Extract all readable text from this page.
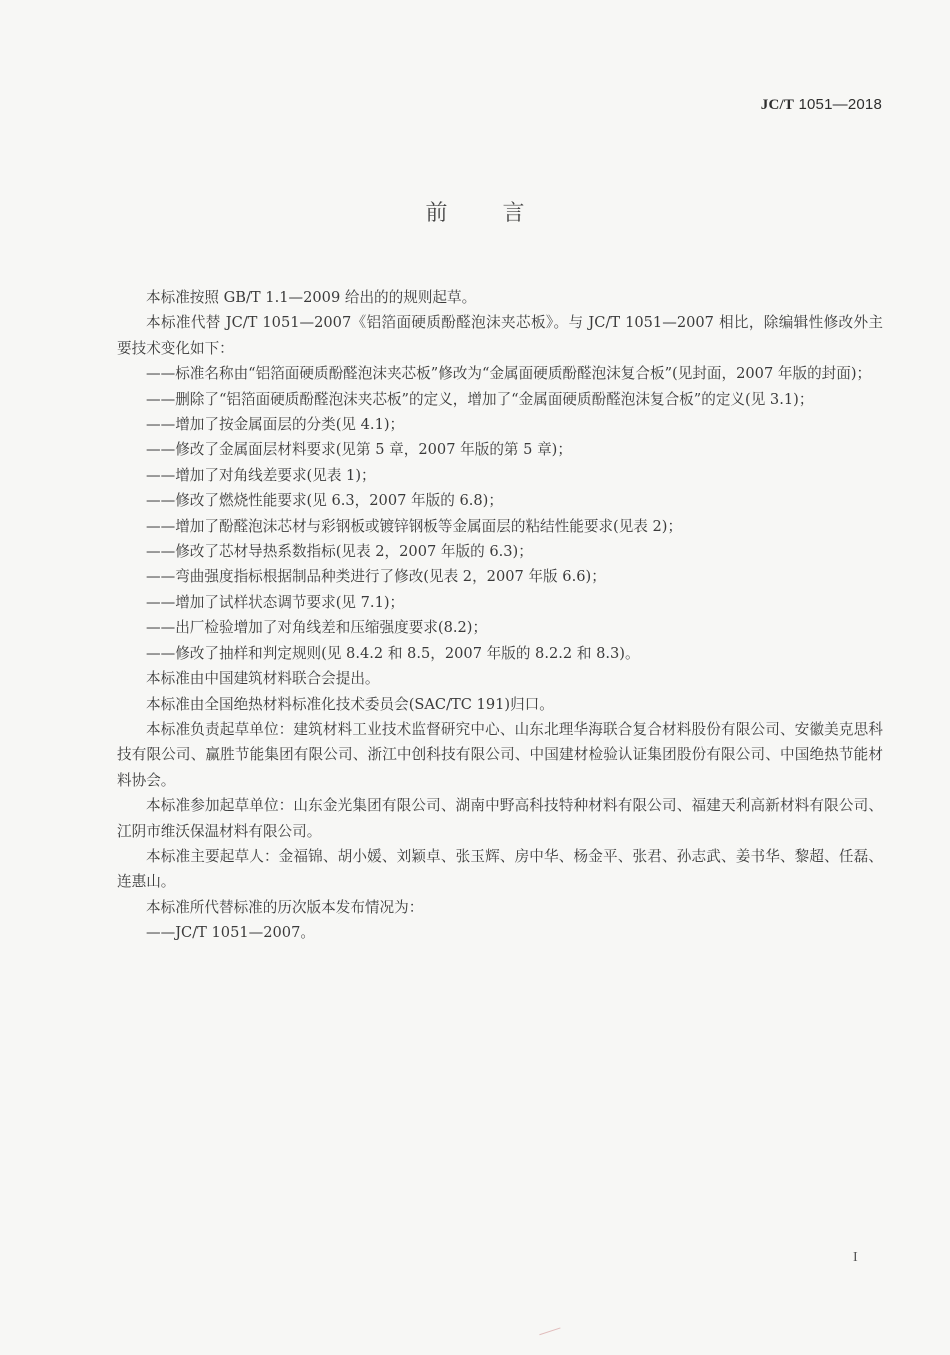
JC/T 1051—2018
前	言

本标准按照 GB/T 1.1—2009 给出的的规则起草。

本标准代替 JC/T 1051—2007《铝箔面硬质酚醛泡沫夹芯板》。与 JC/T 1051—2007 相比，除编辑性修改外主要技术变化如下：

——标准名称由“铝箔面硬质酚醛泡沫夹芯板”修改为“金属面硬质酚醛泡沫复合板”(见封面，2007 年版的封面)；

——删除了“铝箔面硬质酚醛泡沫夹芯板”的定义，增加了“金属面硬质酚醛泡沫复合板”的定义(见 3.1)；

——增加了按金属面层的分类(见 4.1)；

——修改了金属面层材料要求(见第 5 章，2007 年版的第 5 章)；

——增加了对角线差要求(见表 1)；

——修改了燃烧性能要求(见 6.3，2007 年版的 6.8)；

——增加了酚醛泡沫芯材与彩钢板或镀锌钢板等金属面层的粘结性能要求(见表 2)；

——修改了芯材导热系数指标(见表 2，2007 年版的 6.3)；

——弯曲强度指标根据制品种类进行了修改(见表 2，2007 年版 6.6)；

——增加了试样状态调节要求(见 7.1)；

——出厂检验增加了对角线差和压缩强度要求(8.2)；

——修改了抽样和判定规则(见 8.4.2 和 8.5，2007 年版的 8.2.2 和 8.3)。

本标准由中国建筑材料联合会提出。

本标准由全国绝热材料标准化技术委员会(SAC/TC 191)归口。

本标准负责起草单位：建筑材料工业技术监督研究中心、山东北理华海联合复合材料股份有限公司、安徽美克思科技有限公司、赢胜节能集团有限公司、浙江中创科技有限公司、中国建材检验认证集团股份有限公司、中国绝热节能材料协会。

本标准参加起草单位：山东金光集团有限公司、湖南中野高科技特种材料有限公司、福建天利高新材料有限公司、江阴市维沃保温材料有限公司。

本标准主要起草人：金福锦、胡小媛、刘颖卓、张玉辉、房中华、杨金平、张君、孙志武、姜书华、黎超、任磊、连惠山。

本标准所代替标准的历次版本发布情况为：

——JC/T 1051—2007。

I
